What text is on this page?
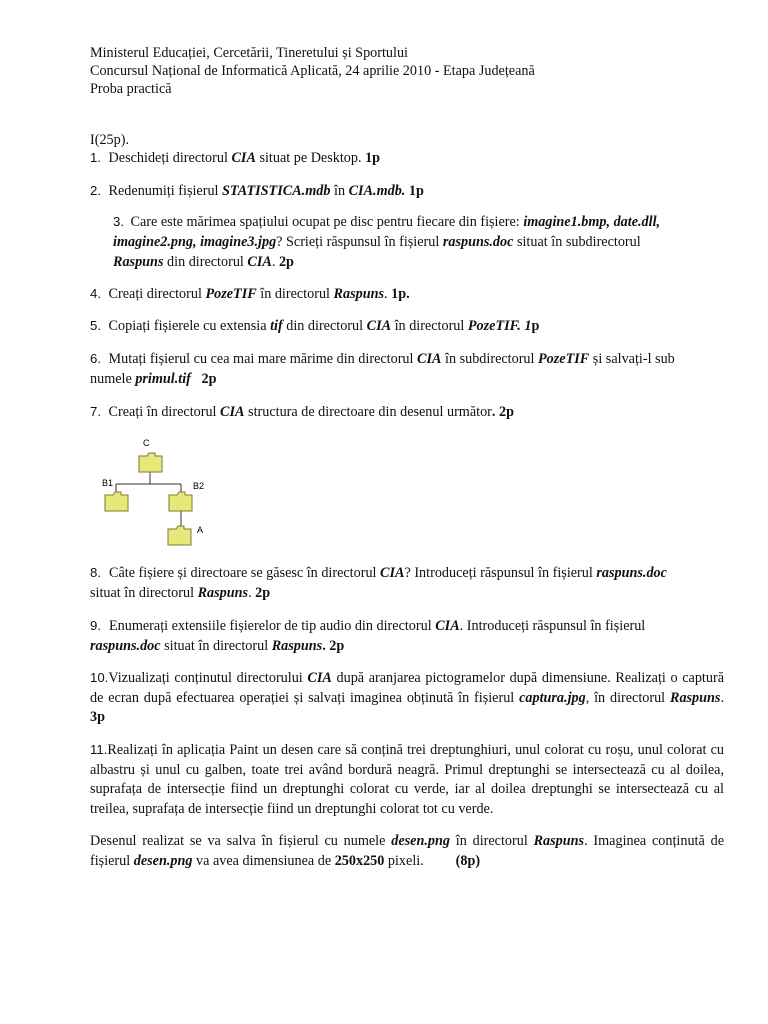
Ministerul Educației, Cercetării, Tineretului și Sportului
Concursul Național de Informatică Aplicată, 24 aprilie 2010 - Etapa Județeană
Proba practică
I(25p).
1. Deschideți directorul CIA situat pe Desktop. 1p
2. Redenumiți fișierul STATISTICA.mdb în CIA.mdb. 1p
3. Care este mărimea spațiului ocupat pe disc pentru fiecare din fișiere: imagine1.bmp, date.dll,
imagine2.png, imagine3.jpg? Scrieți răspunsul în fișierul raspuns.doc situat în subdirectorul
Raspuns din directorul CIA. 2p
4. Creați directorul PozeTIF în directorul Raspuns. 1p.
5. Copiați fișierele cu extensia tif din directorul CIA în directorul PozeTIF. 1p
6. Mutați fișierul cu cea mai mare mărime din directorul CIA în subdirectorul PozeTIF și salvați-l sub
numele primul.tif   2p
7. Creați în directorul CIA structura de directoare din desenul următor. 2p
C
B1	B2
A
8. Câte fișiere și directoare se găsesc în directorul CIA? Introduceți răspunsul în fișierul raspuns.doc
situat în directorul Raspuns. 2p
9. Enumerați extensiile fișierelor de tip audio din directorul CIA. Introduceți răspunsul în fișierul
raspuns.doc situat în directorul Raspuns. 2p
10.Vizualizați conținutul directorului CIA după aranjarea pictogramelor după dimensiune. Realizați o captură de ecran după efectuarea operației și salvați imaginea obținută în fișierul captura.jpg, în directorul Raspuns. 3p
11.Realizați în aplicația Paint un desen care să conțină trei dreptunghiuri, unul colorat cu roșu, unul colorat cu albastru și unul cu galben, toate trei având bordură neagră. Primul dreptunghi se intersectează cu al doilea, suprafața de intersecție fiind un dreptunghi colorat cu verde, iar al doilea dreptunghi se intersectează cu al treilea, suprafața de intersecție fiind un dreptunghi colorat tot cu verde.
Desenul realizat se va salva în fișierul cu numele desen.png în directorul Raspuns. Imaginea conținută de fișierul desen.png va avea dimensiunea de 250x250 pixeli.         (8p)
